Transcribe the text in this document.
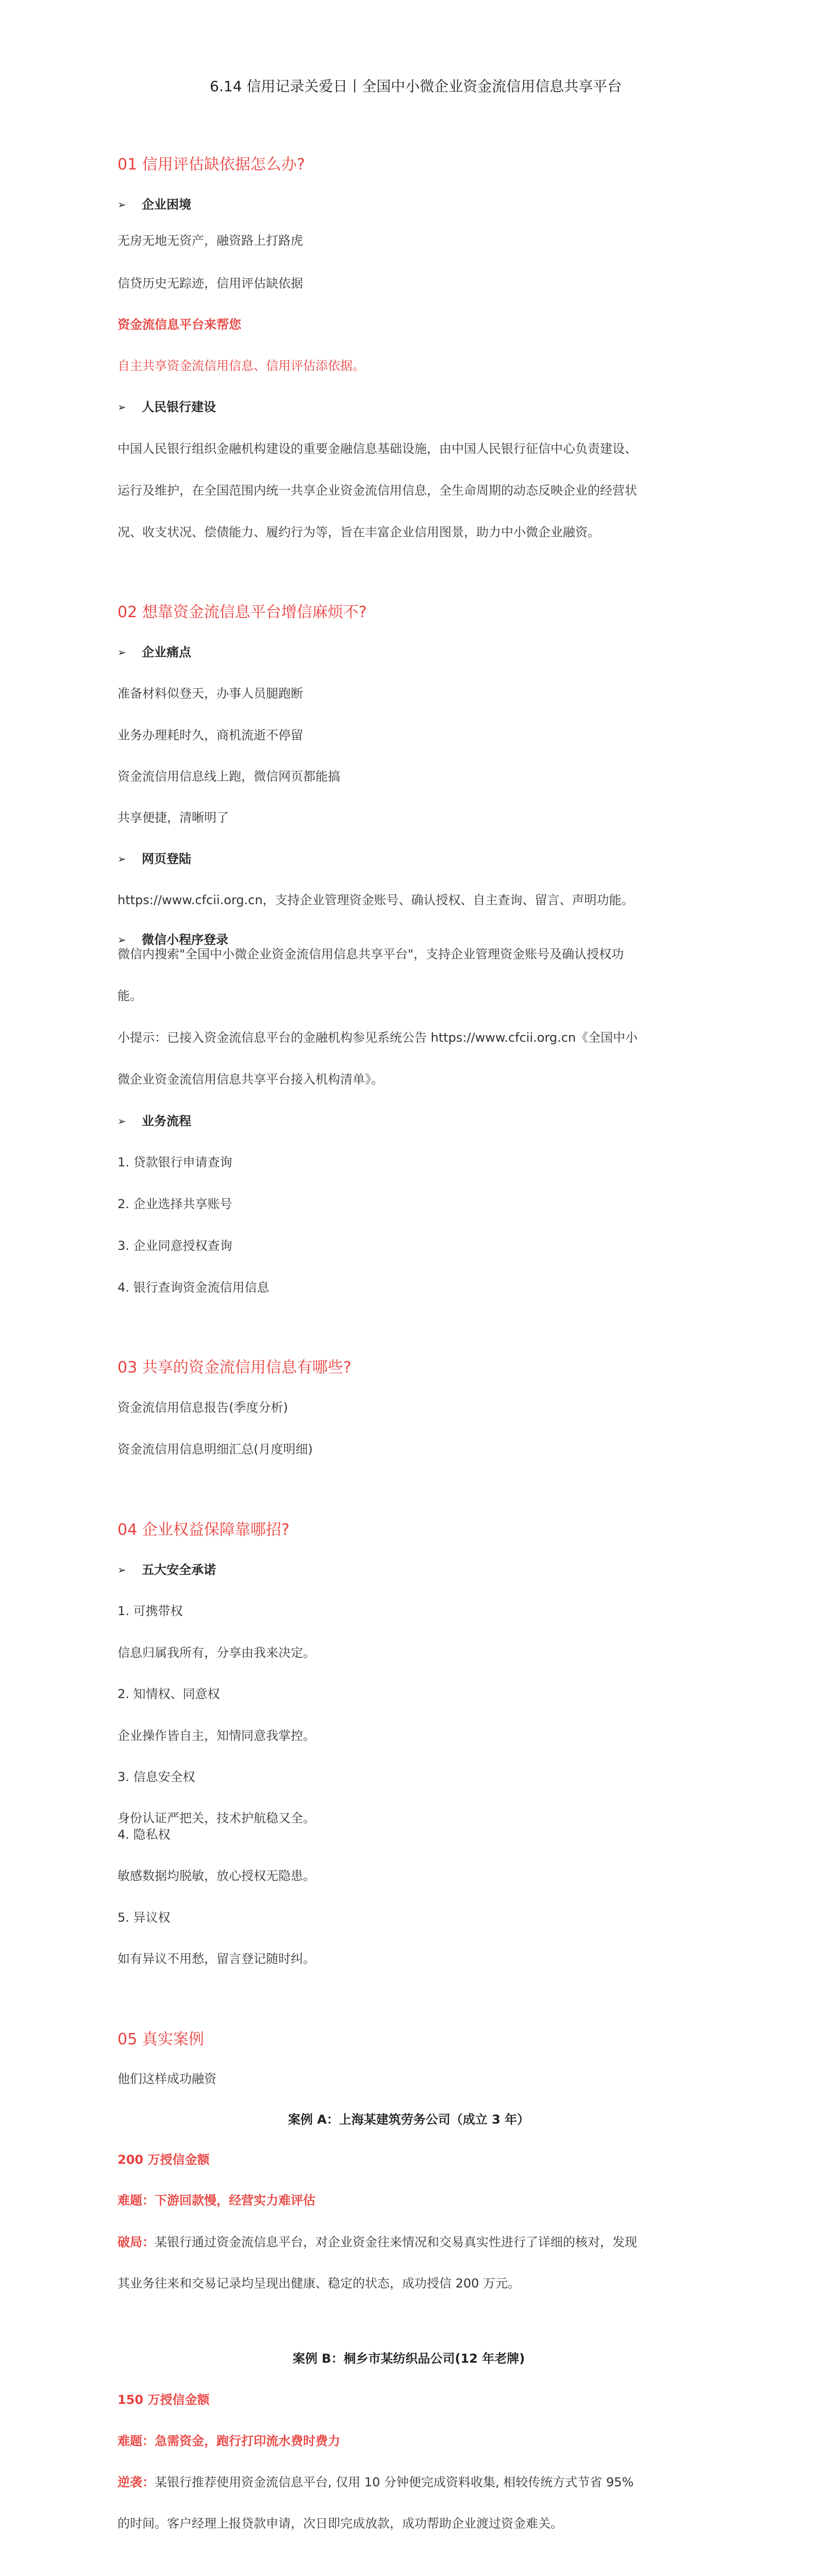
6.14 信用记录关爱日丨全国中小微企业资金流信用信息共享平台
01 信用评估缺依据怎么办?
➢ 企业困境
无房无地无资产，融资路上打路虎
信贷历史无踪迹，信用评估缺依据
资金流信息平台来帮您
自主共享资金流信用信息、信用评估添依据。
➢ 人民银行建设
中国人民银行组织金融机构建设的重要金融信息基础设施，由中国人民银行征信中心负责建设、
运行及维护，在全国范围内统一共享企业资金流信用信息，全生命周期的动态反映企业的经营状
况、收支状况、偿债能力、履约行为等，旨在丰富企业信用图景，助力中小微企业融资。
02 想靠资金流信息平台增信麻烦不?
➢ 企业痛点
准备材料似登天，办事人员腿跑断
业务办理耗时久，商机流逝不停留
资金流信用信息线上跑，微信网页都能搞
共享便捷，清晰明了
➢ 网页登陆
https://www.cfcii.org.cn，支持企业管理资金账号、确认授权、自主查询、留言、声明功能。
➢ 微信小程序登录
微信内搜索"全国中小微企业资金流信用信息共享平台"，支持企业管理资金账号及确认授权功
能。
小提示：已接入资金流信息平台的金融机构参见系统公告 https://www.cfcii.org.cn《全国中小
微企业资金流信用信息共享平台接入机构清单》。
➢ 业务流程
1. 贷款银行申请查询
2. 企业选择共享账号
3. 企业同意授权查询
4. 银行查询资金流信用信息
03 共享的资金流信用信息有哪些?
资金流信用信息报告(季度分析)
资金流信用信息明细汇总(月度明细)
04 企业权益保障靠哪招?
➢ 五大安全承诺
1. 可携带权
信息归属我所有，分享由我来决定。
2. 知情权、同意权
企业操作皆自主，知情同意我掌控。
3. 信息安全权
身份认证严把关，技术护航稳又全。
4. 隐私权
敏感数据均脱敏，放心授权无隐患。
5. 异议权
如有异议不用愁，留言登记随时纠。
05 真实案例
他们这样成功融资
案例 A：上海某建筑劳务公司（成立 3 年）
200 万授信金额
难题：下游回款慢，经营实力难评估
破局：某银行通过资金流信息平台，对企业资金往来情况和交易真实性进行了详细的核对，发现
其业务往来和交易记录均呈现出健康、稳定的状态，成功授信 200 万元。
案例 B：桐乡市某纺织品公司(12 年老牌)
150 万授信金额
难题：急需资金，跑行打印流水费时费力
逆袭：某银行推荐使用资金流信息平台, 仅用 10 分钟便完成资料收集, 相较传统方式节省 95%
的时间。客户经理上报贷款申请，次日即完成放款，成功帮助企业渡过资金难关。
